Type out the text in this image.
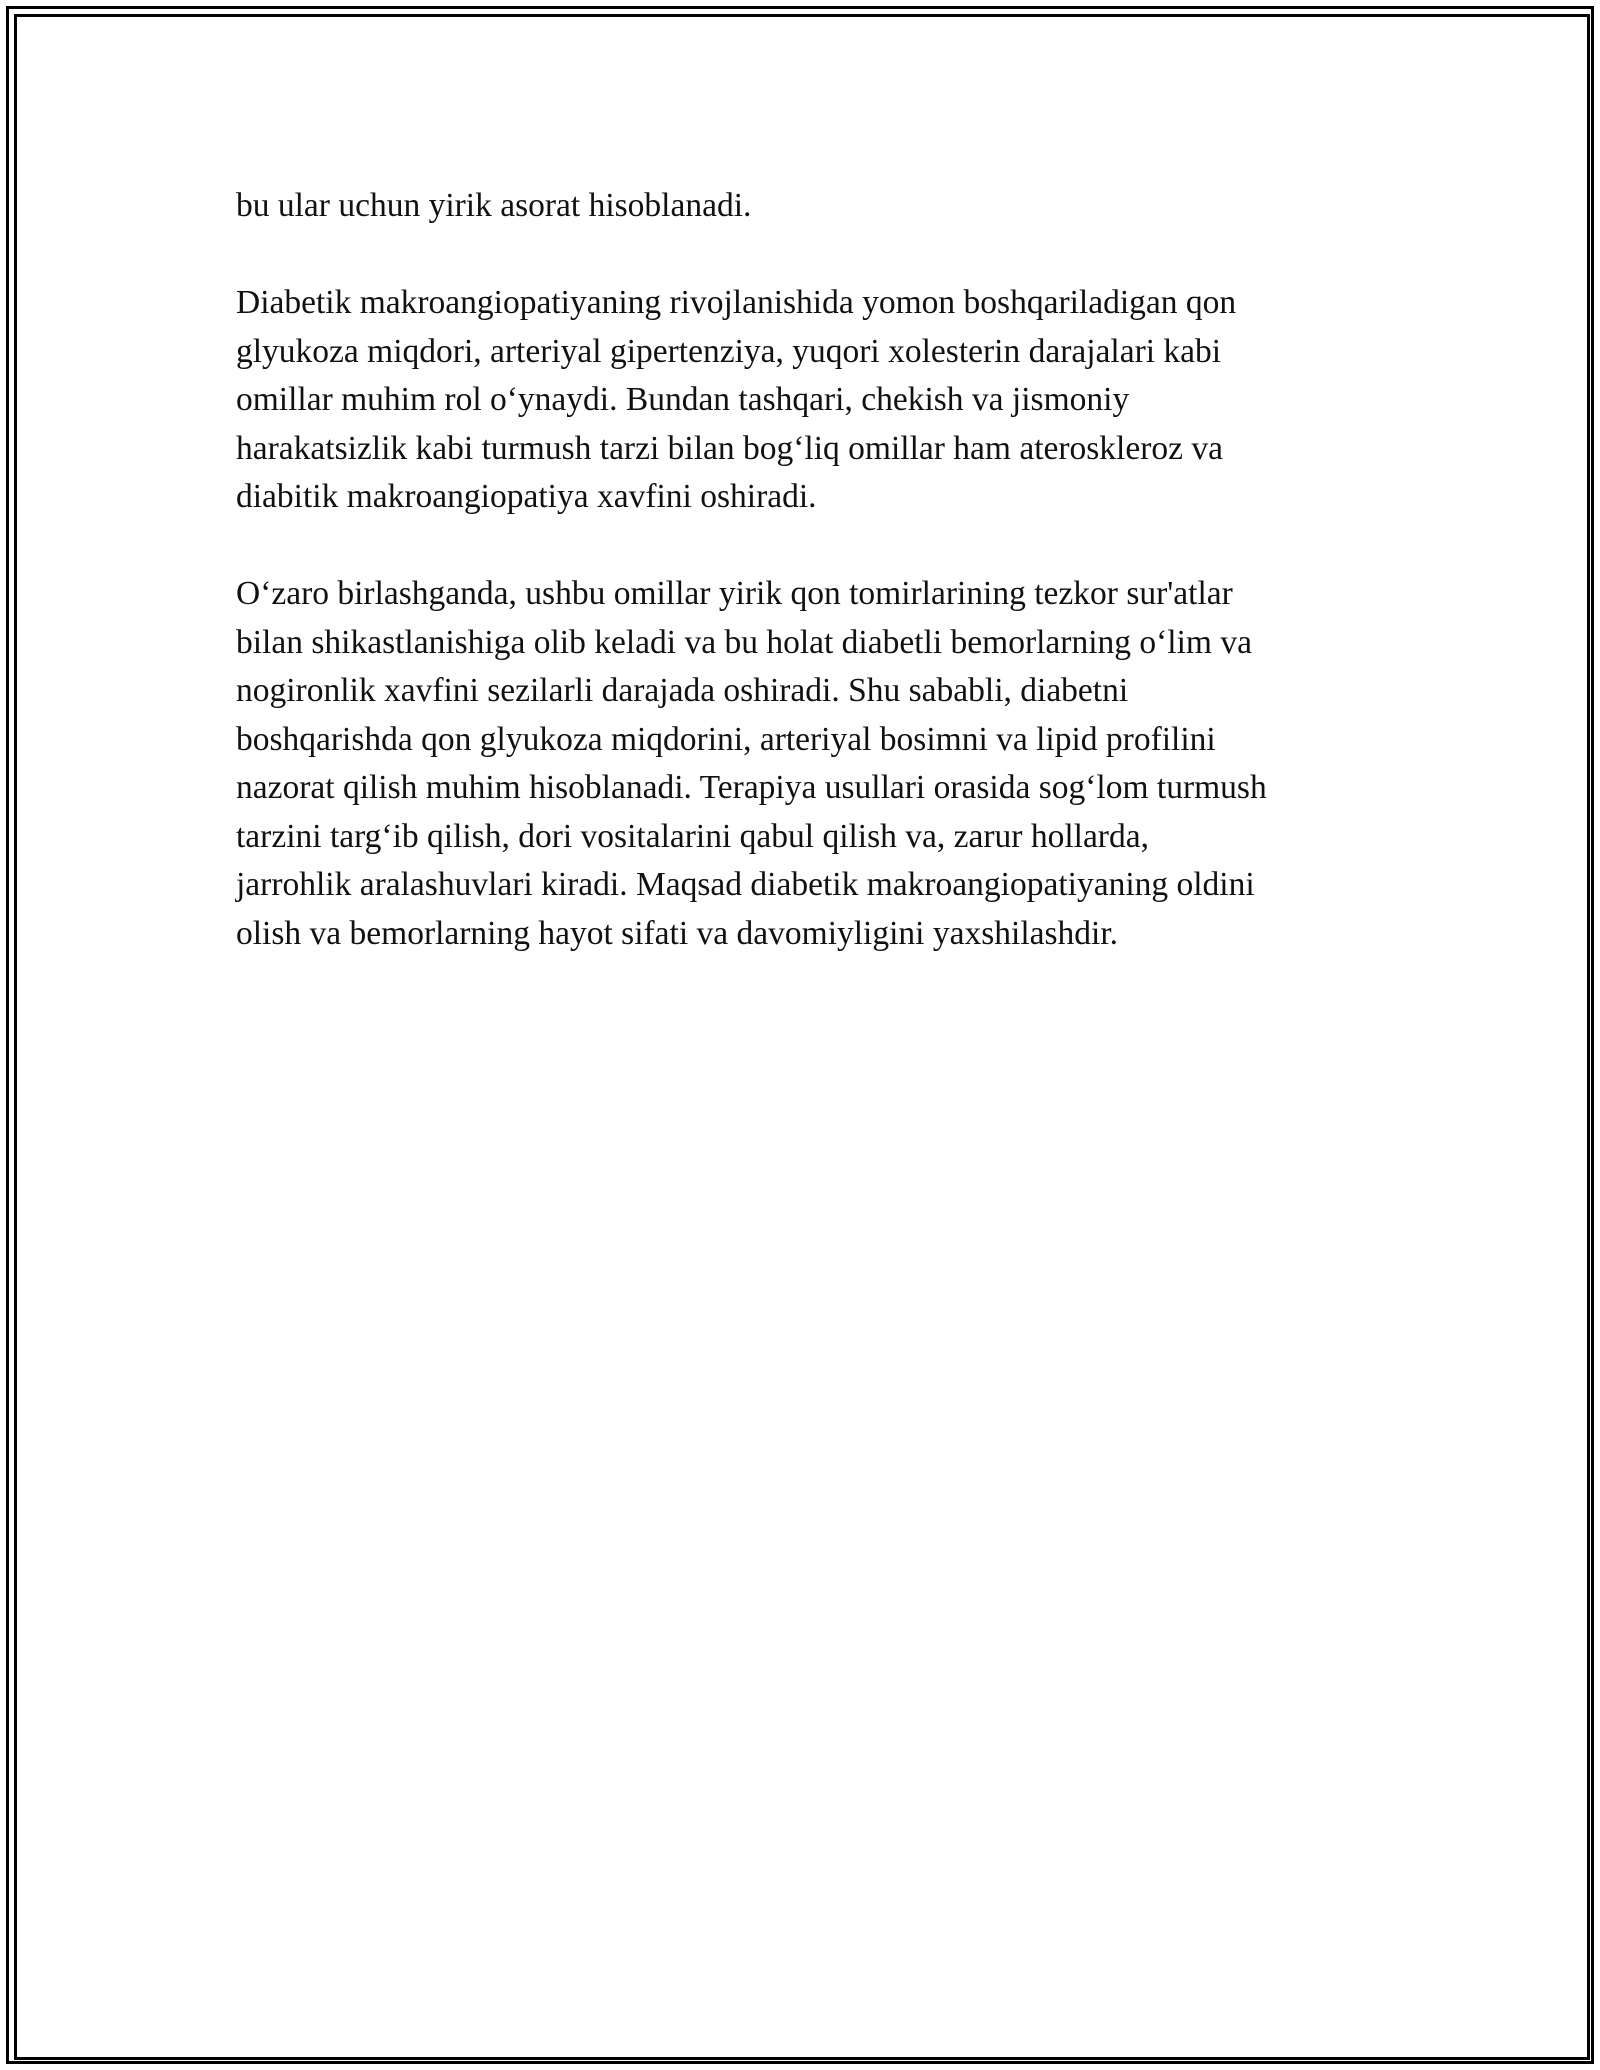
bu ular uchun yirik asorat hisoblanadi.
Diabetik makroangiopatiyaning rivojlanishida yomon boshqariladigan qon
glyukoza miqdori, arteriyal gipertenziya, yuqori xolesterin darajalari kabi
omillar muhim rol o‘ynaydi. Bundan tashqari, chekish va jismoniy
harakatsizlik kabi turmush tarzi bilan bog‘liq omillar ham ateroskleroz va
diabitik makroangiopatiya xavfini oshiradi.
O‘zaro birlashganda, ushbu omillar yirik qon tomirlarining tezkor sur'atlar
bilan shikastlanishiga olib keladi va bu holat diabetli bemorlarning o‘lim va
nogironlik xavfini sezilarli darajada oshiradi. Shu sababli, diabetni
boshqarishda qon glyukoza miqdorini, arteriyal bosimni va lipid profilini
nazorat qilish muhim hisoblanadi. Terapiya usullari orasida sog‘lom turmush
tarzini targ‘ib qilish, dori vositalarini qabul qilish va, zarur hollarda,
jarrohlik aralashuvlari kiradi. Maqsad diabetik makroangiopatiyaning oldini
olish va bemorlarning hayot sifati va davomiyligini yaxshilashdir.
